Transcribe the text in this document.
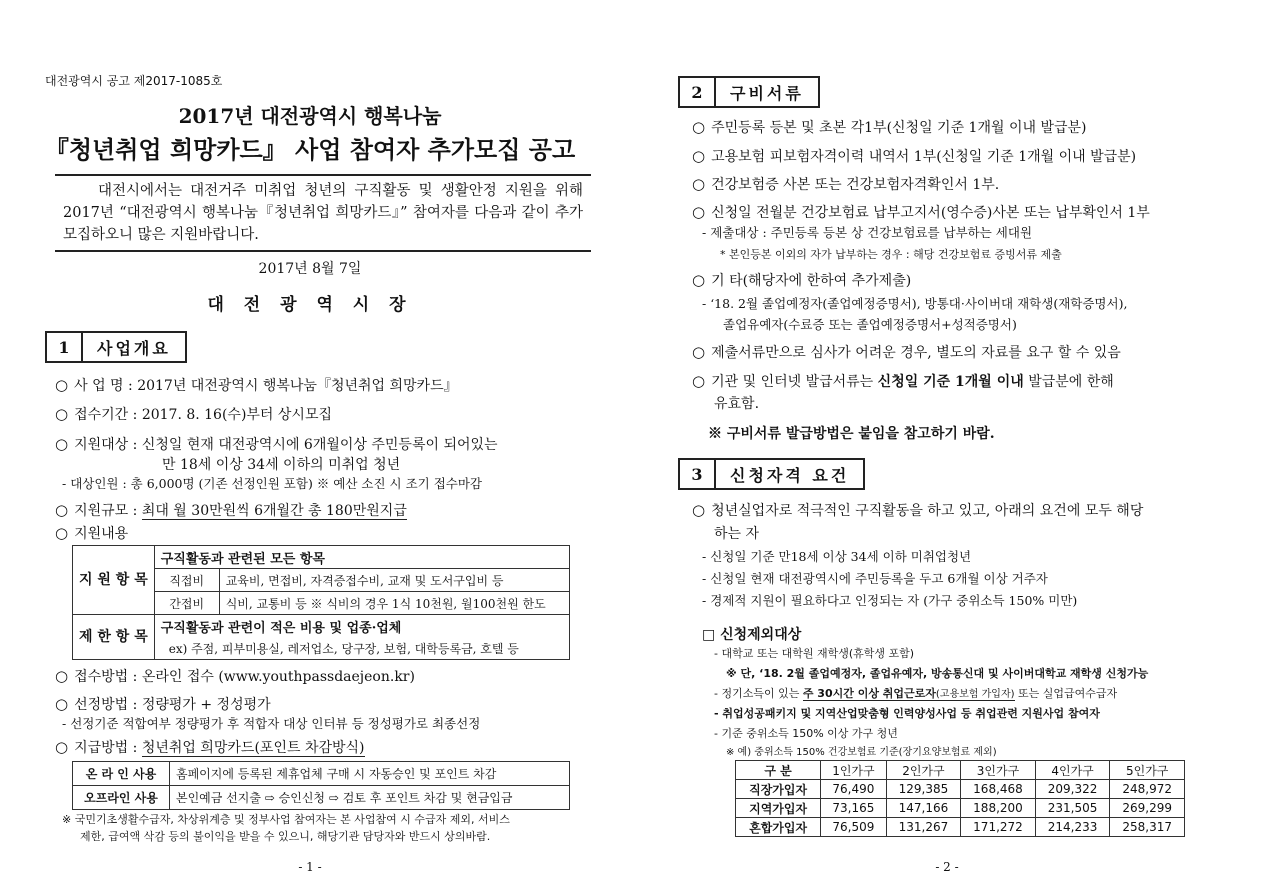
대전광역시 공고 제2017-1085호
2017년 대전광역시 행복나눔
『청년취업 희망카드』 사업 참여자 추가모집 공고
대전시에서는 대전거주 미취업 청년의 구직활동 및 생활안정 지원을 위해 2017년 “대전광역시 행복나눔『청년취업 희망카드』” 참여자를 다음과 같이 추가모집하오니 많은 지원바랍니다.
2017년 8월 7일
대 전 광 역 시 장
1	사업개요
○ 사 업 명 : 2017년 대전광역시 행복나눔『청년취업 희망카드』
○ 접수기간 : 2017. 8. 16(수)부터 상시모집
○ 지원대상 : 신청일 현재 대전광역시에 6개월이상 주민등록이 되어있는
만 18세 이상 34세 이하의 미취업 청년
- 대상인원 : 총 6,000명 (기존 선정인원 포함) ※ 예산 소진 시 조기 접수마감
○ 지원규모 : 최대 월 30만원씩 6개월간 총 180만원지급
○ 지원내용
지 원 항 목	구직활동과 관련된 모든 항목	
	직접비	교육비, 면접비, 자격증접수비, 교재 및 도서구입비 등
	간접비	식비, 교통비 등 ※ 식비의 경우 1식 10천원, 월100천원 한도
제 한 항 목	구직활동과 관련이 적은 비용 및 업종·업체	
	ex) 주점, 피부미용실, 레저업소, 당구장, 보험, 대학등록금, 호텔 등	
○ 접수방법 : 온라인 접수 (www.youthpassdaejeon.kr)
○ 선정방법 : 정량평가 + 정성평가
- 선정기준 적합여부 정량평가 후 적합자 대상 인터뷰 등 정성평가로 최종선정
○ 지급방법 : 청년취업 희망카드(포인트 차감방식)
온 라 인 사용	홈페이지에 등록된 제휴업체 구매 시 자동승인 및 포인트 차감
오프라인 사용	본인예금 선지출 ⇨ 승인신청 ⇨ 검토 후 포인트 차감 및 현금입금
※ 국민기초생활수급자, 차상위계층 및 정부사업 참여자는 본 사업참여 시 수급자 제외, 서비스
제한, 급여액 삭감 등의 불이익을 받을 수 있으니, 해당기관 담당자와 반드시 상의바람.
- 1 -
2	구비서류
○ 주민등록 등본 및 초본 각1부(신청일 기준 1개월 이내 발급분)
○ 고용보험 피보험자격이력 내역서 1부(신청일 기준 1개월 이내 발급분)
○ 건강보험증 사본 또는 건강보험자격확인서 1부.
○ 신청일 전월분 건강보험료 납부고지서(영수증)사본 또는 납부확인서 1부
- 제출대상 : 주민등록 등본 상 건강보험료를 납부하는 세대원
* 본인등본 이외의 자가 납부하는 경우 : 해당 건강보험료 증빙서류 제출
○ 기 타(해당자에 한하여 추가제출)
- ‘18. 2월 졸업예정자(졸업예정증명서), 방통대·사이버대 재학생(재학증명서),
졸업유예자(수료증 또는 졸업예정증명서+성적증명서)
○ 제출서류만으로 심사가 어려운 경우, 별도의 자료를 요구 할 수 있음
○ 기관 및 인터넷 발급서류는 신청일 기준 1개월 이내 발급분에 한해
유효함.
※ 구비서류 발급방법은 붙임을 참고하기 바람.
3	신청자격 요건
○ 청년실업자로 적극적인 구직활동을 하고 있고, 아래의 요건에 모두 해당
하는 자
- 신청일 기준 만18세 이상 34세 이하 미취업청년
- 신청일 현재 대전광역시에 주민등록을 두고 6개월 이상 거주자
- 경제적 지원이 필요하다고 인정되는 자 (가구 중위소득 150% 미만)
□ 신청제외대상
- 대학교 또는 대학원 재학생(휴학생 포함)
※ 단, ‘18. 2월 졸업예정자, 졸업유예자, 방송통신대 및 사이버대학교 재학생 신청가능
- 정기소득이 있는 주 30시간 이상 취업근로자(고용보험 가입자) 또는 실업급여수급자
- 취업성공패키지 및 지역산업맞춤형 인력양성사업 등 취업관련 지원사업 참여자
- 기준 중위소득 150% 이상 가구 청년
※ 예) 중위소득 150% 건강보험료 기준(장기요양보험료 제외)
구 분	1인가구	2인가구	3인가구	4인가구	5인가구
직장가입자	76,490	129,385	168,468	209,322	248,972
지역가입자	73,165	147,166	188,200	231,505	269,299
혼합가입자	76,509	131,267	171,272	214,233	258,317
- 2 -
